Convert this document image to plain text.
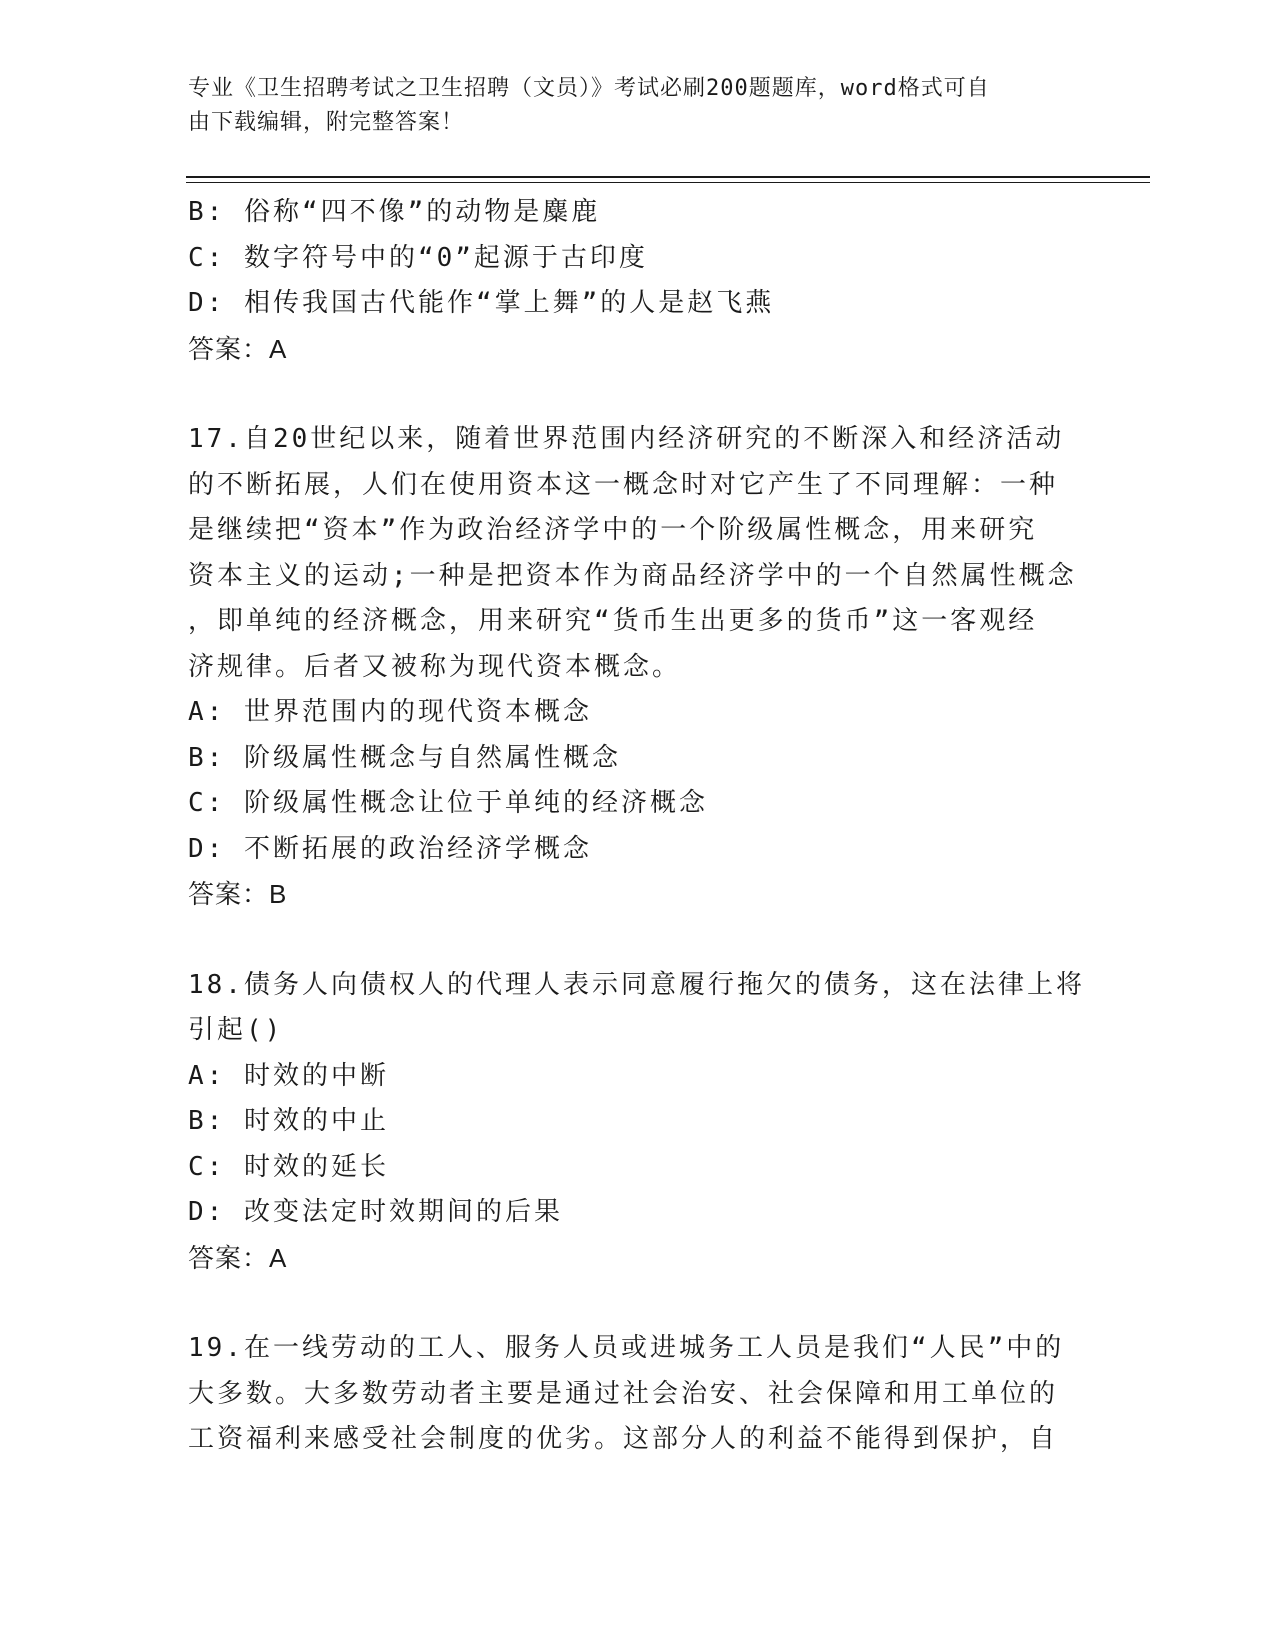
专业《卫生招聘考试之卫生招聘（文员）》考试必刷200题题库，word格式可自
由下载编辑，附完整答案！
B: 俗称“四不像”的动物是麋鹿
C: 数字符号中的“0”起源于古印度
D: 相传我国古代能作“掌上舞”的人是赵飞燕
答案：A
17.自20世纪以来，随着世界范围内经济研究的不断深入和经济活动
的不断拓展，人们在使用资本这一概念时对它产生了不同理解：一种
是继续把“资本”作为政治经济学中的一个阶级属性概念，用来研究
资本主义的运动;一种是把资本作为商品经济学中的一个自然属性概念
，即单纯的经济概念，用来研究“货币生出更多的货币”这一客观经
济规律。后者又被称为现代资本概念。
A: 世界范围内的现代资本概念
B: 阶级属性概念与自然属性概念
C: 阶级属性概念让位于单纯的经济概念
D: 不断拓展的政治经济学概念
答案：B
18.债务人向债权人的代理人表示同意履行拖欠的债务，这在法律上将
引起()
A: 时效的中断
B: 时效的中止
C: 时效的延长
D: 改变法定时效期间的后果
答案：A
19.在一线劳动的工人、服务人员或进城务工人员是我们“人民”中的
大多数。大多数劳动者主要是通过社会治安、社会保障和用工单位的
工资福利来感受社会制度的优劣。这部分人的利益不能得到保护，自
